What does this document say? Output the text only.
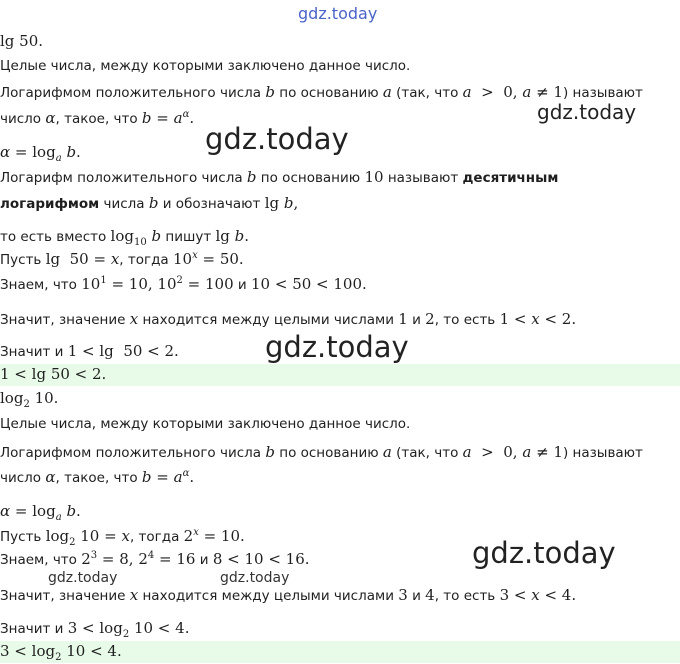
gdz.today
gdz.today
gdz.today
gdz.today
gdz.today
gdz.today	gdz.today
lg 50.
Целые числа, между которыми заключено данное число.
Логарифмом положительного числа b по основанию a (так, что a  >  0, a ≠ 1) называют
число α, такое, что $b = a^\alpha$.
$\alpha = \log_a b$.
Логарифм положительного числа b по основанию 10 называют десятичным
логарифмом числа b и обозначают lg b,
то есть вместо $\log_{10} b$ пишут lg b.
Пусть lg  50 = x, тогда $10^x = 50$.
Знаем, что $10^1 = 10$, $10^2 = 100$ и 10 < 50 < 100.
Значит, значение x находится между целыми числами 1 и 2, то есть 1 < x < 2.
Значит и 1 < lg  50 < 2.
1 < lg 50 < 2.
$\log_2 10$.
Целые числа, между которыми заключено данное число.
Логарифмом положительного числа b по основанию a (так, что a  >  0, a ≠ 1) называют
число α, такое, что $b = a^\alpha$.
$\alpha = \log_a b$.
Пусть $\log_2 10 = x$, тогда $2^x = 10$.
Знаем, что $2^3 = 8$, $2^4 = 16$ и 8 < 10 < 16.
Значит, значение x находится между целыми числами 3 и 4, то есть 3 < x < 4.
Значит и $3 < \log_2 10 < 4$.
$3 < \log_2 10 < 4$.
